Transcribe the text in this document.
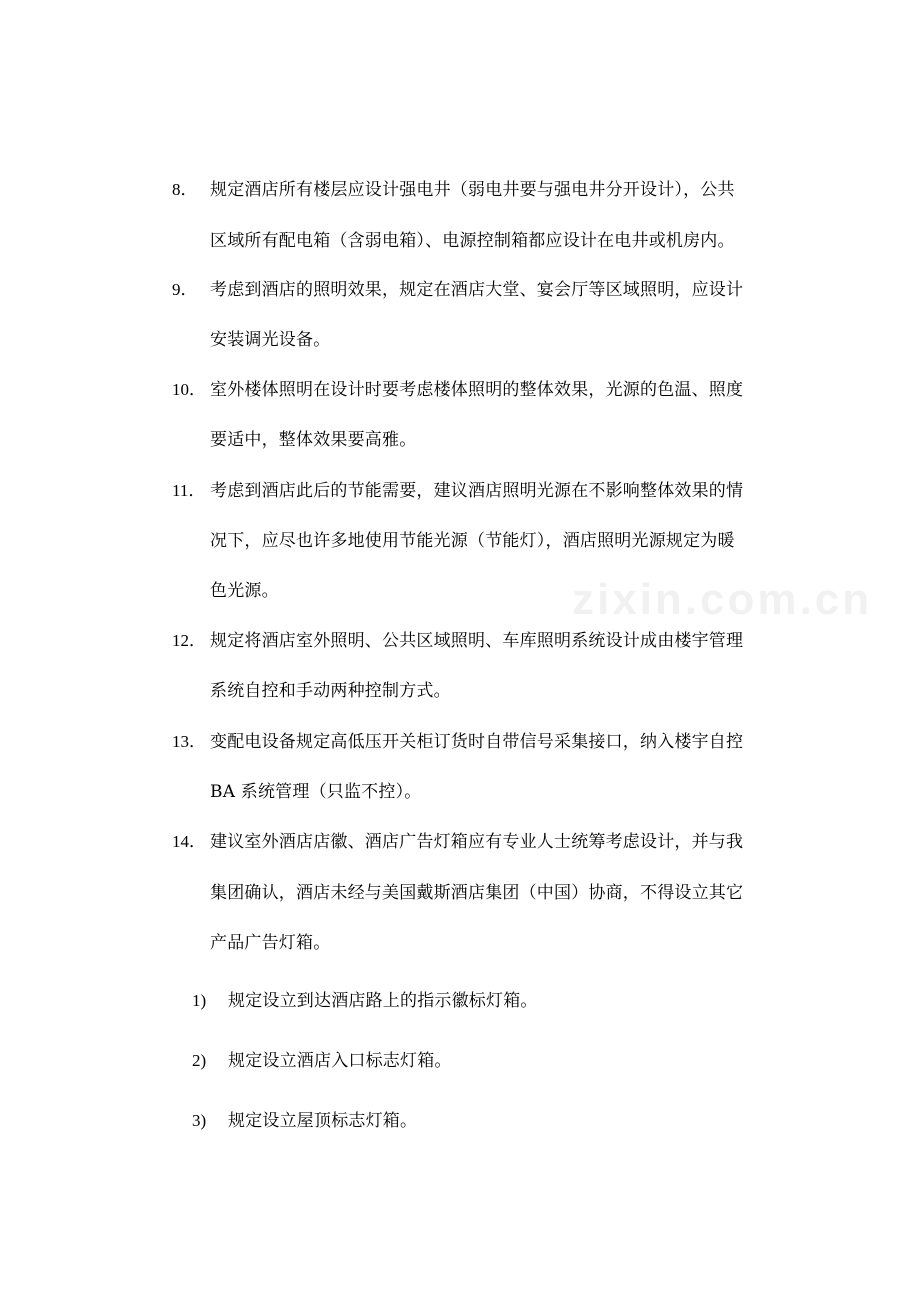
8． 规定酒店所有楼层应设计强电井（弱电井要与强电井分开设计），公共
区域所有配电箱（含弱电箱）、电源控制箱都应设计在电井或机房内。
9． 考虑到酒店的照明效果，规定在酒店大堂、宴会厅等区域照明，应设计
安装调光设备。
10． 室外楼体照明在设计时要考虑楼体照明的整体效果，光源的色温、照度
要适中，整体效果要高雅。
11． 考虑到酒店此后的节能需要，建议酒店照明光源在不影响整体效果的情
况下，应尽也许多地使用节能光源（节能灯），酒店照明光源规定为暖
色光源。
12． 规定将酒店室外照明、公共区域照明、车库照明系统设计成由楼宇管理
系统自控和手动两种控制方式。
13． 变配电设备规定高低压开关柜订货时自带信号采集接口，纳入楼宇自控
BA 系统管理（只监不控）。
14． 建议室外酒店店徽、酒店广告灯箱应有专业人士统筹考虑设计，并与我
集团确认，酒店未经与美国戴斯酒店集团（中国）协商，不得设立其它
产品广告灯箱。
1) 规定设立到达酒店路上的指示徽标灯箱。
2) 规定设立酒店入口标志灯箱。
3) 规定设立屋顶标志灯箱。
zixin.com.cn
